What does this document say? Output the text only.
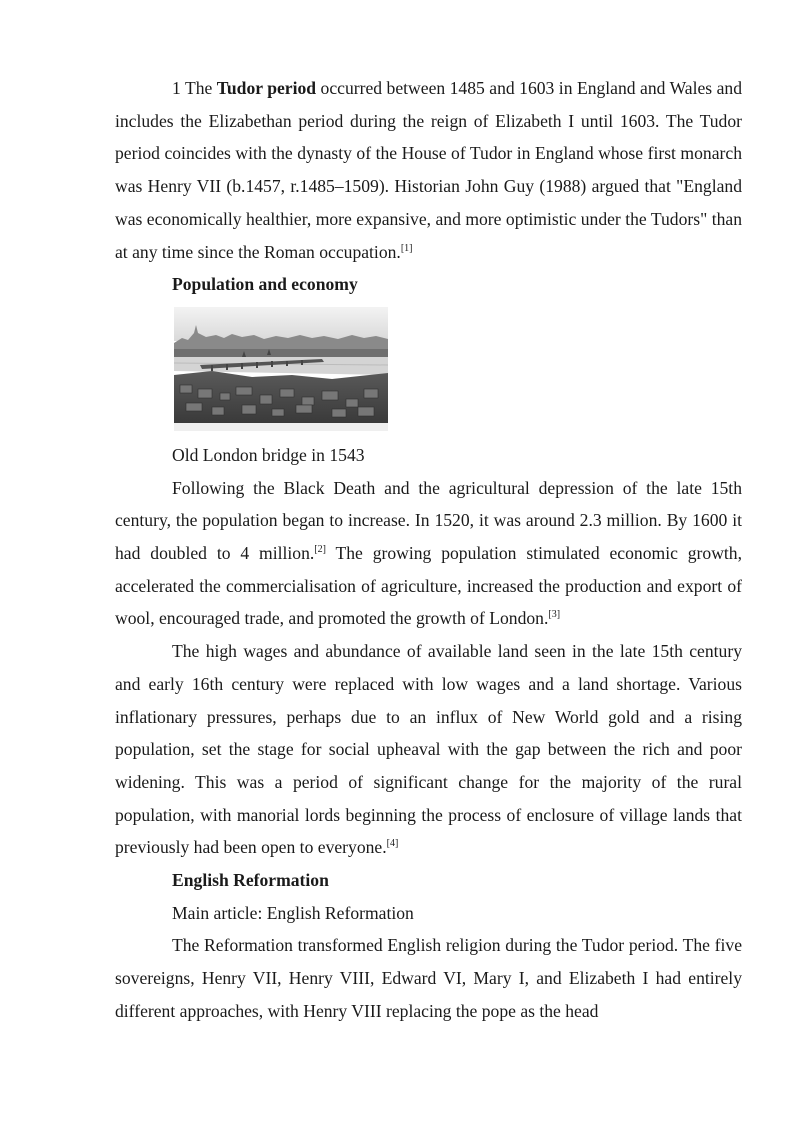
1 The Tudor period occurred between 1485 and 1603 in England and Wales and includes the Elizabethan period during the reign of Elizabeth I until 1603. The Tudor period coincides with the dynasty of the House of Tudor in England whose first monarch was Henry VII (b.1457, r.1485–1509). Historian John Guy (1988) argued that "England was economically healthier, more expansive, and more optimistic under the Tudors" than at any time since the Roman occupation.[1]

Population and economy
Old London bridge in 1543

Following the Black Death and the agricultural depression of the late 15th century, the population began to increase. In 1520, it was around 2.3 million. By 1600 it had doubled to 4 million.[2] The growing population stimulated economic growth, accelerated the commercialisation of agriculture, increased the production and export of wool, encouraged trade, and promoted the growth of London.[3]

The high wages and abundance of available land seen in the late 15th century and early 16th century were replaced with low wages and a land shortage. Various inflationary pressures, perhaps due to an influx of New World gold and a rising population, set the stage for social upheaval with the gap between the rich and poor widening. This was a period of significant change for the majority of the rural population, with manorial lords beginning the process of enclosure of village lands that previously had been open to everyone.[4]

English Reformation
Main article: English Reformation

The Reformation transformed English religion during the Tudor period. The five sovereigns, Henry VII, Henry VIII, Edward VI, Mary I, and Elizabeth I had entirely different approaches, with Henry VIII replacing the pope as the head
